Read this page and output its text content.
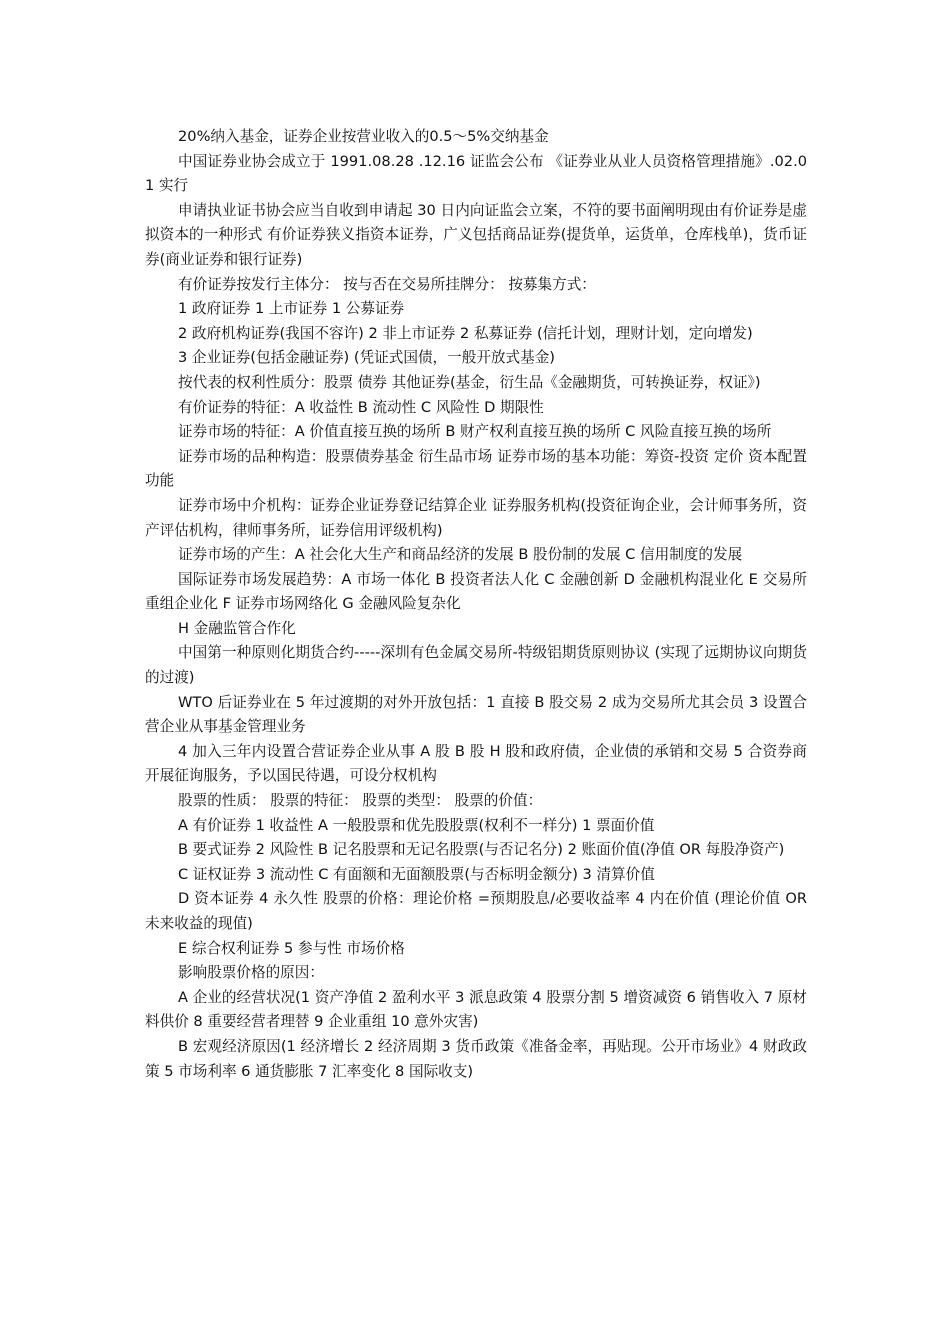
20%纳入基金，证券企业按营业收入的0.5～5%交纳基金

中国证券业协会成立于 1991.08.28 .12.16 证监会公布 《证券业从业人员资格管理措施》.02.01 实行

申请执业证书协会应当自收到申请起 30 日内向证监会立案，不符的要书面阐明现由有价证券是虚拟资本的一种形式 有价证券狭义指资本证券，广义包括商品证券(提货单，运货单，仓库栈单)，货币证券(商业证券和银行证券)

有价证券按发行主体分： 按与否在交易所挂牌分： 按募集方式：

1 政府证券 1 上市证券 1 公募证券

2 政府机构证券(我国不容许) 2 非上市证券 2 私募证券 (信托计划，理财计划，定向增发)

3 企业证券(包括金融证券) (凭证式国债，一般开放式基金)

按代表的权利性质分：股票 债券 其他证券(基金，衍生品《金融期货，可转换证券，权证》)

有价证券的特征：A 收益性 B 流动性 C 风险性 D 期限性

证券市场的特征：A 价值直接互换的场所 B 财产权利直接互换的场所 C 风险直接互换的场所

证券市场的品种构造：股票债券基金 衍生品市场 证券市场的基本功能：筹资-投资 定价 资本配置功能

证券市场中介机构：证券企业证券登记结算企业 证券服务机构(投资征询企业，会计师事务所，资产评估机构，律师事务所，证券信用评级机构)

证券市场的产生：A 社会化大生产和商品经济的发展 B 股份制的发展 C 信用制度的发展

国际证券市场发展趋势：A 市场一体化 B 投资者法人化 C 金融创新 D 金融机构混业化 E 交易所重组企业化 F 证券市场网络化 G 金融风险复杂化

H 金融监管合作化

中国第一种原则化期货合约-----深圳有色金属交易所-特级铝期货原则协议 (实现了远期协议向期货的过渡)

WTO 后证券业在 5 年过渡期的对外开放包括：1 直接 B 股交易 2 成为交易所尤其会员 3 设置合营企业从事基金管理业务

4 加入三年内设置合营证券企业从事 A 股 B 股 H 股和政府债，企业债的承销和交易 5 合资券商开展征询服务，予以国民待遇，可设分权机构

股票的性质： 股票的特征： 股票的类型： 股票的价值：

A 有价证券 1 收益性 A 一般股票和优先股股票(权利不一样分) 1 票面价值

B 要式证券 2 风险性 B 记名股票和无记名股票(与否记名分) 2 账面价值(净值 OR 每股净资产)

C 证权证券 3 流动性 C 有面额和无面额股票(与否标明金额分) 3 清算价值

D 资本证券 4 永久性 股票的价格：理论价格 =预期股息/必要收益率 4 内在价值 (理论价值 OR 未来收益的现值)

E 综合权利证券 5 参与性 市场价格

影响股票价格的原因：

A 企业的经营状况(1 资产净值 2 盈利水平 3 派息政策 4 股票分割 5 增资减资 6 销售收入 7 原材料供价 8 重要经营者理替 9 企业重组 10 意外灾害)

B 宏观经济原因(1 经济增长 2 经济周期 3 货币政策《准备金率，再贴现。公开市场业》4 财政政策 5 市场利率 6 通货膨胀 7 汇率变化 8 国际收支)
